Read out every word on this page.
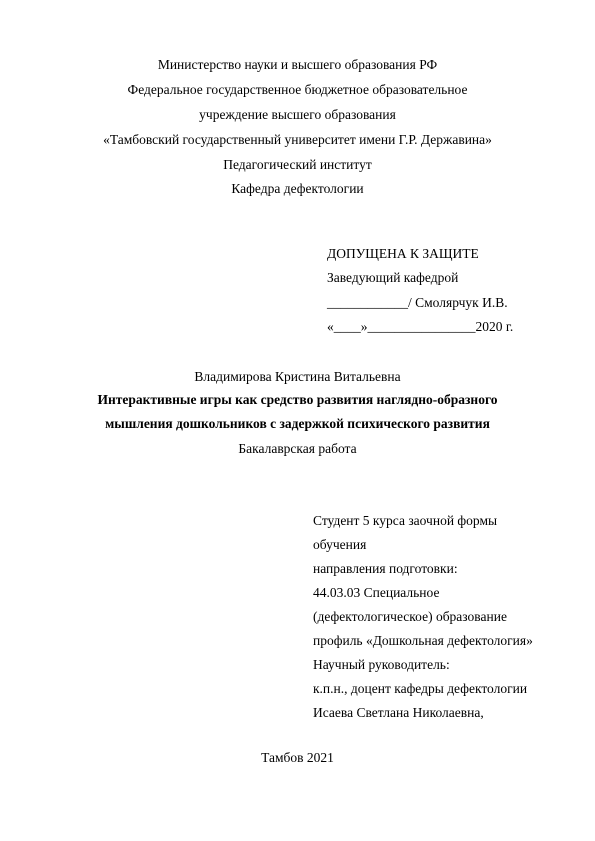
Министерство науки и высшего образования РФ
Федеральное государственное бюджетное образовательное
учреждение высшего образования
«Тамбовский государственный университет имени Г.Р. Державина»
Педагогический институт
Кафедра дефектологии
ДОПУЩЕНА К ЗАЩИТЕ
Заведующий кафедрой
____________/ Смолярчук И.В.
«____»________________2020 г.
Владимирова Кристина Витальевна
Интерактивные игры как средство развития наглядно-образного
мышления дошкольников с задержкой психического развития
Бакалаврская работа
Студент 5 курса заочной формы
обучения
направления подготовки:
44.03.03 Специальное
(дефектологическое) образование
профиль «Дошкольная дефектология»
Научный руководитель:
к.п.н., доцент кафедры дефектологии
Исаева Светлана Николаевна,
Тамбов 2021
